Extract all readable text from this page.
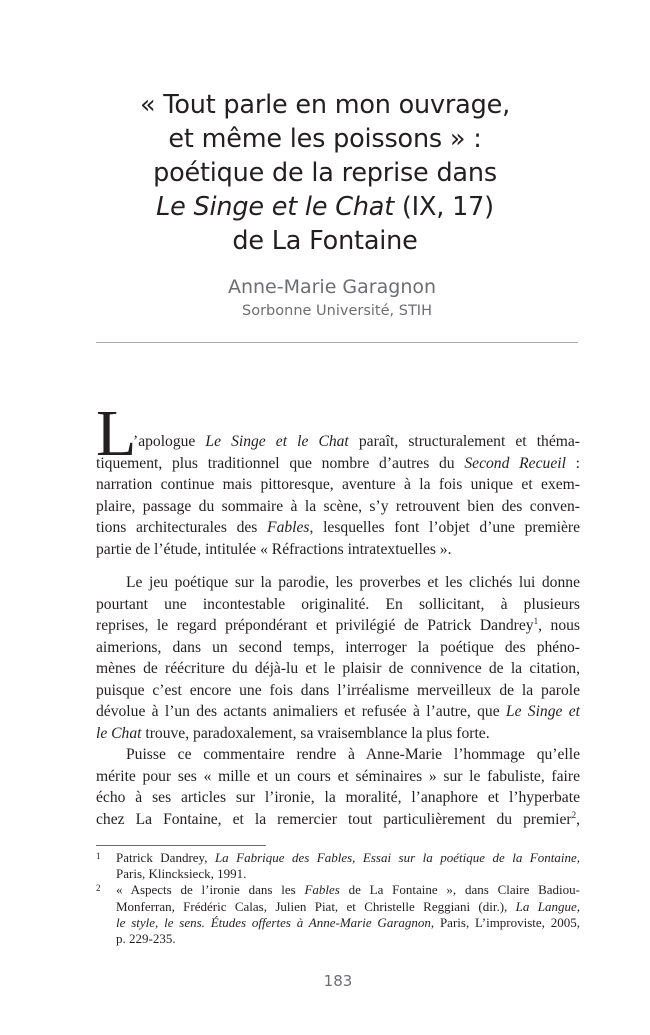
« Tout parle en mon ouvrage,
et même les poissons » :
poétique de la reprise dans
Le Singe et le Chat (IX, 17)
de La Fontaine
Anne-Marie Garagnon
Sorbonne Université, STIH
L
’apologue Le Singe et le Chat paraît, structuralement et théma-
tiquement, plus traditionnel que nombre d’autres du Second Recueil :
narration continue mais pittoresque, aventure à la fois unique et exem-
plaire, passage du sommaire à la scène, s’y retrouvent bien des conven-
tions architecturales des Fables, lesquelles font l’objet d’une première
partie de l’étude, intitulée « Réfractions intratextuelles ».
Le jeu poétique sur la parodie, les proverbes et les clichés lui donne
pourtant une incontestable originalité. En sollicitant, à plusieurs
reprises, le regard prépondérant et privilégié de Patrick Dandrey$^1$, nous
aimerions, dans un second temps, interroger la poétique des phéno-
mènes de réécriture du déjà-lu et le plaisir de connivence de la citation,
puisque c’est encore une fois dans l’irréalisme merveilleux de la parole
dévolue à l’un des actants animaliers et refusée à l’autre, que Le Singe et
le Chat trouve, paradoxalement, sa vraisemblance la plus forte.
Puisse ce commentaire rendre à Anne-Marie l’hommage qu’elle
mérite pour ses « mille et un cours et séminaires » sur le fabuliste, faire
écho à ses articles sur l’ironie, la moralité, l’anaphore et l’hyperbate
chez La Fontaine, et la remercier tout particulièrement du premier$^2$,
1 Patrick Dandrey, La Fabrique des Fables, Essai sur la poétique de la Fontaine,
Paris, Klincksieck, 1991.
2 « Aspects de l’ironie dans les Fables de La Fontaine », dans Claire Badiou-
Monferran, Frédéric Calas, Julien Piat, et Christelle Reggiani (dir.), La Langue,
le style, le sens. Études offertes à Anne-Marie Garagnon, Paris, L’improviste, 2005,
p. 229-235.
183
